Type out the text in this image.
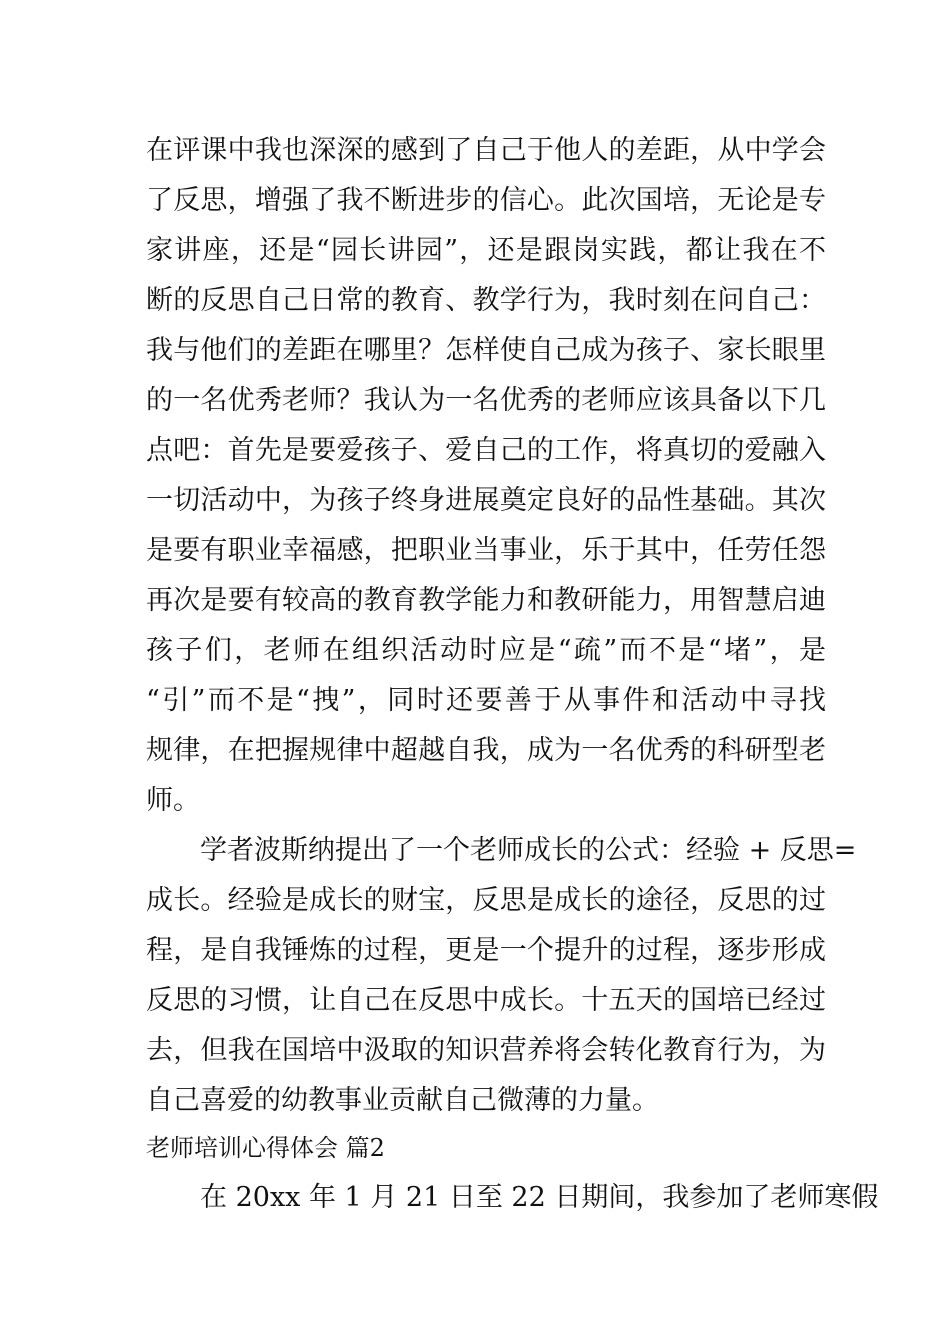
在评课中我也深深的感到了自己于他人的差距，从中学会
了反思，增强了我不断进步的信心。此次国培，无论是专
家讲座，还是“园长讲园”，还是跟岗实践，都让我在不
断的反思自己日常的教育、教学行为，我时刻在问自己：
我与他们的差距在哪里？怎样使自己成为孩子、家长眼里
的一名优秀老师？我认为一名优秀的老师应该具备以下几
点吧：首先是要爱孩子、爱自己的工作，将真切的爱融入
一切活动中，为孩子终身进展奠定良好的品性基础。其次
是要有职业幸福感，把职业当事业，乐于其中，任劳任怨
再次是要有较高的教育教学能力和教研能力，用智慧启迪
孩子们，老师在组织活动时应是“疏”而不是“堵”，是
“引”而不是“拽”，同时还要善于从事件和活动中寻找
规律，在把握规律中超越自我，成为一名优秀的科研型老
师。
学者波斯纳提出了一个老师成长的公式：经验 + 反思=
成长。经验是成长的财宝，反思是成长的途径，反思的过
程，是自我锤炼的过程，更是一个提升的过程，逐步形成
反思的习惯，让自己在反思中成长。十五天的国培已经过
去，但我在国培中汲取的知识营养将会转化教育行为，为
自己喜爱的幼教事业贡献自己微薄的力量。
老师培训心得体会 篇2
在 20xx 年 1 月 21 日至 22 日期间，我参加了老师寒假
